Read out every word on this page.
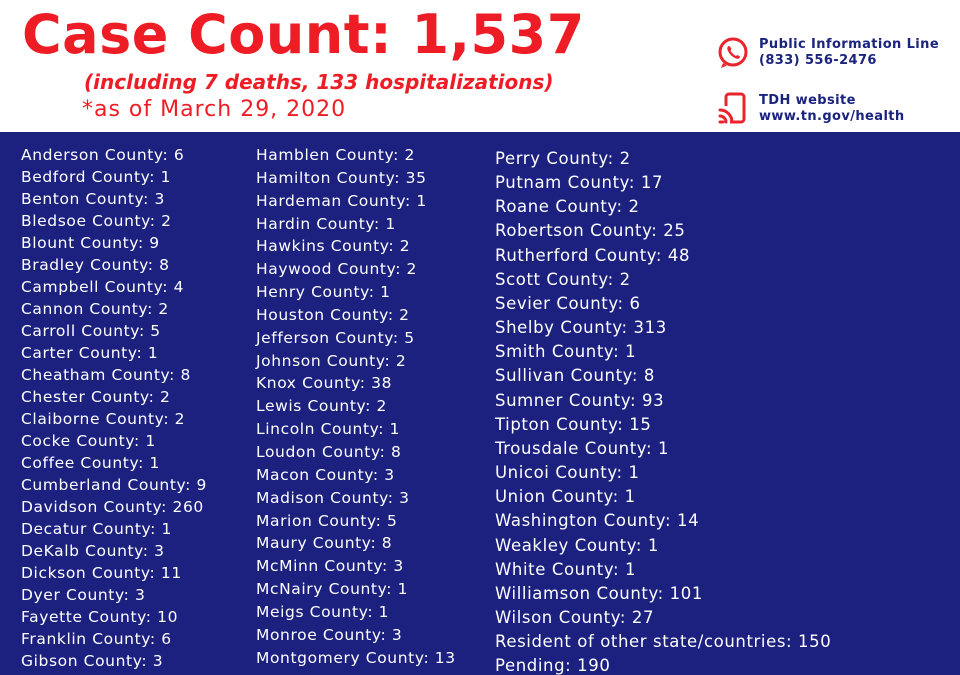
Case Count: 1,537
(including 7 deaths, 133 hospitalizations)
*as of March 29, 2020
Public Information Line
(833) 556-2476
TDH website
www.tn.gov/health
Anderson County: 6
Bedford County: 1
Benton County: 3
Bledsoe County: 2
Blount County: 9
Bradley County: 8
Campbell County: 4
Cannon County: 2
Carroll County: 5
Carter County: 1
Cheatham County: 8
Chester County: 2
Claiborne County: 2
Cocke County: 1
Coffee County: 1
Cumberland County: 9
Davidson County: 260
Decatur County: 1
DeKalb County: 3
Dickson County: 11
Dyer County: 3
Fayette County: 10
Franklin County: 6
Gibson County: 3
Hamblen County: 2
Hamilton County: 35
Hardeman County: 1
Hardin County: 1
Hawkins County: 2
Haywood County: 2
Henry County: 1
Houston County: 2
Jefferson County: 5
Johnson County: 2
Knox County: 38
Lewis County: 2
Lincoln County: 1
Loudon County: 8
Macon County: 3
Madison County: 3
Marion County: 5
Maury County: 8
McMinn County: 3
McNairy County: 1
Meigs County: 1
Monroe County: 3
Montgomery County: 13
Perry County: 2
Putnam County: 17
Roane County: 2
Robertson County: 25
Rutherford County: 48
Scott County: 2
Sevier County: 6
Shelby County: 313
Smith County: 1
Sullivan County: 8
Sumner County: 93
Tipton County: 15
Trousdale County: 1
Unicoi County: 1
Union County: 1
Washington County: 14
Weakley County: 1
White County: 1
Williamson County: 101
Wilson County: 27
Resident of other state/countries: 150
Pending: 190
